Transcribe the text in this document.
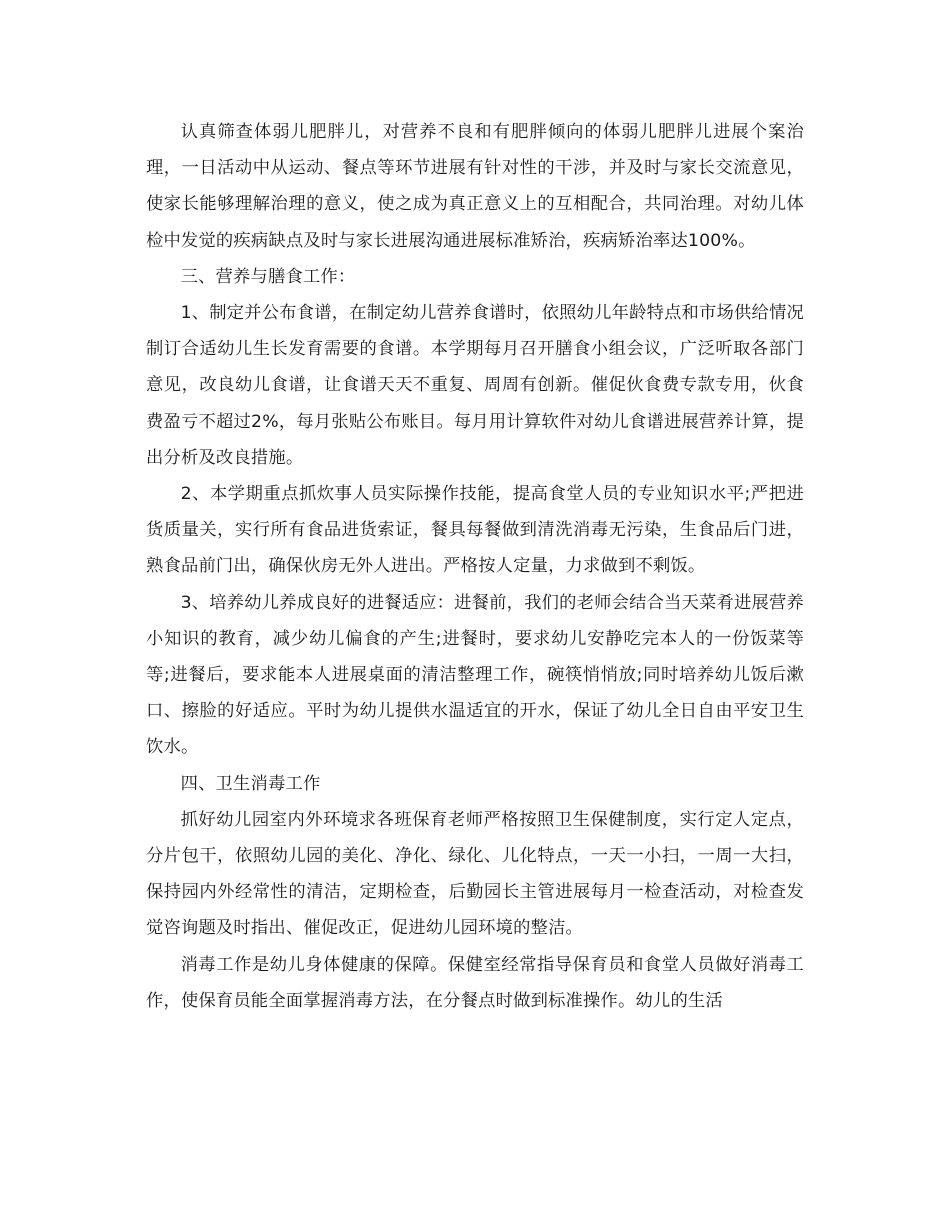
认真筛查体弱儿肥胖儿，对营养不良和有肥胖倾向的体弱儿肥胖儿进展个案治理，一日活动中从运动、餐点等环节进展有针对性的干涉，并及时与家长交流意见，使家长能够理解治理的意义，使之成为真正意义上的互相配合，共同治理。对幼儿体检中发觉的疾病缺点及时与家长进展沟通进展标准矫治，疾病矫治率达100%。

三、营养与膳食工作：

1、制定并公布食谱，在制定幼儿营养食谱时，依照幼儿年龄特点和市场供给情况制订合适幼儿生长发育需要的食谱。本学期每月召开膳食小组会议，广泛听取各部门意见，改良幼儿食谱，让食谱天天不重复、周周有创新。催促伙食费专款专用，伙食费盈亏不超过2%，每月张贴公布账目。每月用计算软件对幼儿食谱进展营养计算，提出分析及改良措施。

2、本学期重点抓炊事人员实际操作技能，提高食堂人员的专业知识水平;严把进货质量关，实行所有食品进货索证，餐具每餐做到清洗消毒无污染，生食品后门进，熟食品前门出，确保伙房无外人进出。严格按人定量，力求做到不剩饭。

3、培养幼儿养成良好的进餐适应：进餐前，我们的老师会结合当天菜肴进展营养小知识的教育，减少幼儿偏食的产生;进餐时，要求幼儿安静吃完本人的一份饭菜等等;进餐后，要求能本人进展桌面的清洁整理工作，碗筷悄悄放;同时培养幼儿饭后漱口、擦脸的好适应。平时为幼儿提供水温适宜的开水，保证了幼儿全日自由平安卫生饮水。

四、卫生消毒工作

抓好幼儿园室内外环境求各班保育老师严格按照卫生保健制度，实行定人定点，分片包干，依照幼儿园的美化、净化、绿化、儿化特点，一天一小扫，一周一大扫，保持园内外经常性的清洁，定期检查，后勤园长主管进展每月一检查活动，对检查发觉咨询题及时指出、催促改正，促进幼儿园环境的整洁。

消毒工作是幼儿身体健康的保障。保健室经常指导保育员和食堂人员做好消毒工作，使保育员能全面掌握消毒方法，在分餐点时做到标准操作。幼儿的生活
